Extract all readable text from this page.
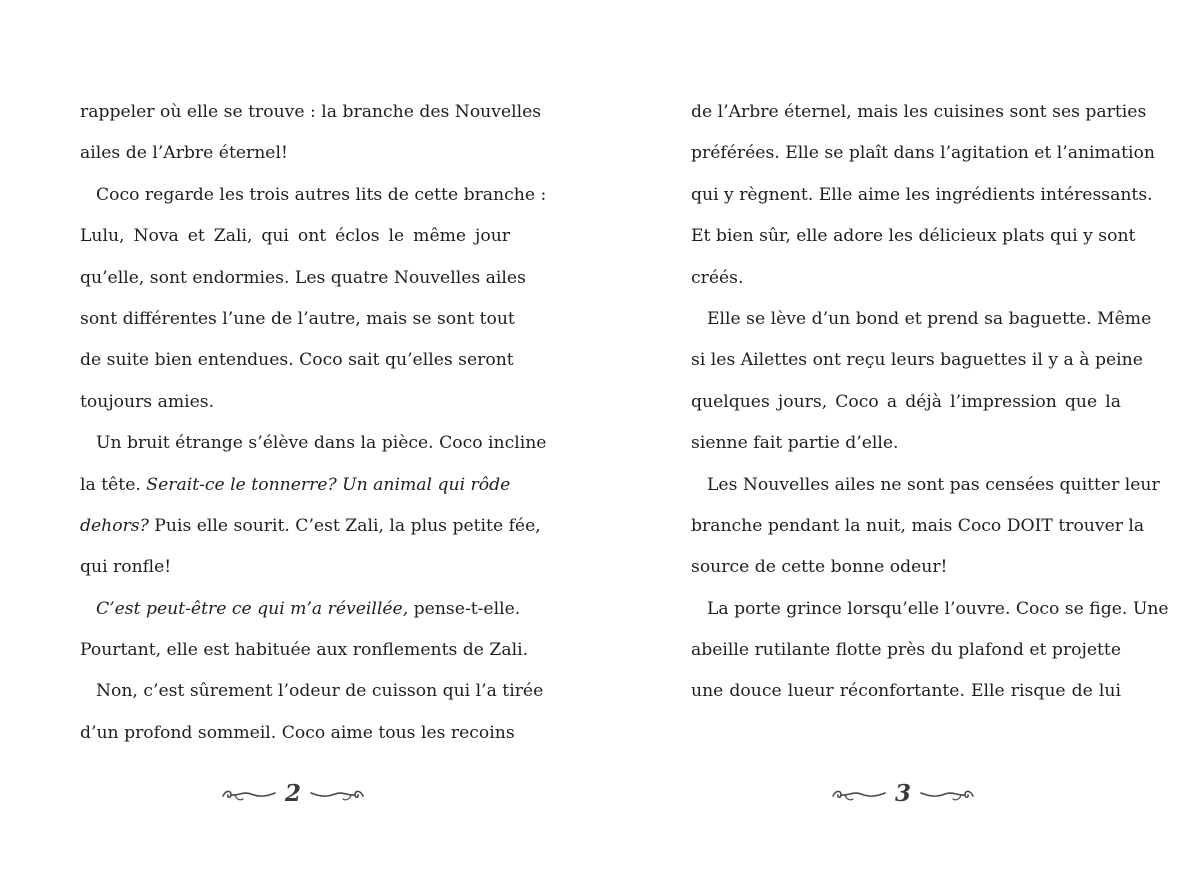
rappeler où elle se trouve : la branche des Nouvelles
ailes de l’Arbre éternel!
Coco regarde les trois autres lits de cette branche :
Lulu, Nova et Zali, qui ont éclos le même jour
qu’elle, sont endormies. Les quatre Nouvelles ailes
sont différentes l’une de l’autre, mais se sont tout
de suite bien entendues. Coco sait qu’elles seront
toujours amies.
Un bruit étrange s’élève dans la pièce. Coco incline
la tête. Serait-ce le tonnerre? Un animal qui rôde
dehors? Puis elle sourit. C’est Zali, la plus petite fée,
qui ronfle!
C’est peut-être ce qui m’a réveillée, pense-t-elle.
Pourtant, elle est habituée aux ronflements de Zali.
Non, c’est sûrement l’odeur de cuisson qui l’a tirée
d’un profond sommeil. Coco aime tous les recoins
de l’Arbre éternel, mais les cuisines sont ses parties
préférées. Elle se plaît dans l’agitation et l’animation
qui y règnent. Elle aime les ingrédients intéressants.
Et bien sûr, elle adore les délicieux plats qui y sont
créés.
Elle se lève d’un bond et prend sa baguette. Même
si les Ailettes ont reçu leurs baguettes il y a à peine
quelques jours, Coco a déjà l’impression que la
sienne fait partie d’elle.
Les Nouvelles ailes ne sont pas censées quitter leur
branche pendant la nuit, mais Coco DOIT trouver la
source de cette bonne odeur!
La porte grince lorsqu’elle l’ouvre. Coco se fige. Une
abeille rutilante flotte près du plafond et projette
une douce lueur réconfortante. Elle risque de lui
2	3
